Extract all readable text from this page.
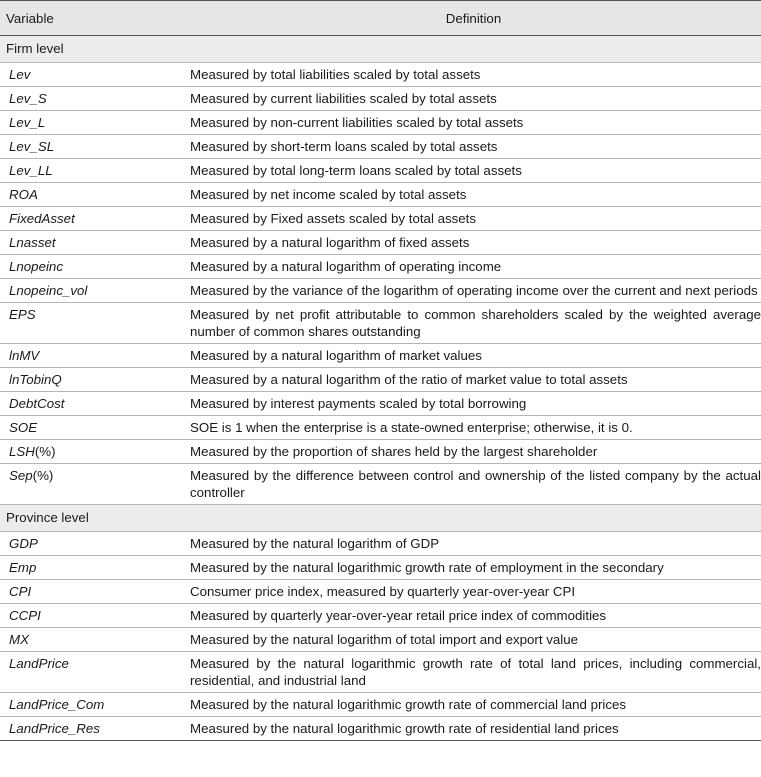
Variable	Definition
Firm level	
Lev	Measured by total liabilities scaled by total assets
Lev_S	Measured by current liabilities scaled by total assets
Lev_L	Measured by non-current liabilities scaled by total assets
Lev_SL	Measured by short-term loans scaled by total assets
Lev_LL	Measured by total long-term loans scaled by total assets
ROA	Measured by net income scaled by total assets
FixedAsset	Measured by Fixed assets scaled by total assets
Lnasset	Measured by a natural logarithm of fixed assets
Lnopeinc	Measured by a natural logarithm of operating income
Lnopeinc_vol	Measured by the variance of the logarithm of operating income over the current and next periods
EPS	Measured by net profit attributable to common shareholders scaled by the weighted average number of common shares outstanding
lnMV	Measured by a natural logarithm of market values
lnTobinQ	Measured by a natural logarithm of the ratio of market value to total assets
DebtCost	Measured by interest payments scaled by total borrowing
SOE	SOE is 1 when the enterprise is a state-owned enterprise; otherwise, it is 0.
LSH(%)	Measured by the proportion of shares held by the largest shareholder
Sep(%)	Measured by the difference between control and ownership of the listed company by the actual controller
Province level	
GDP	Measured by the natural logarithm of GDP
Emp	Measured by the natural logarithmic growth rate of employment in the secondary
CPI	Consumer price index, measured by quarterly year-over-year CPI
CCPI	Measured by quarterly year-over-year retail price index of commodities
MX	Measured by the natural logarithm of total import and export value
LandPrice	Measured by the natural logarithmic growth rate of total land prices, including commercial, residential, and industrial land
LandPrice_Com	Measured by the natural logarithmic growth rate of commercial land prices
LandPrice_Res	Measured by the natural logarithmic growth rate of residential land prices
